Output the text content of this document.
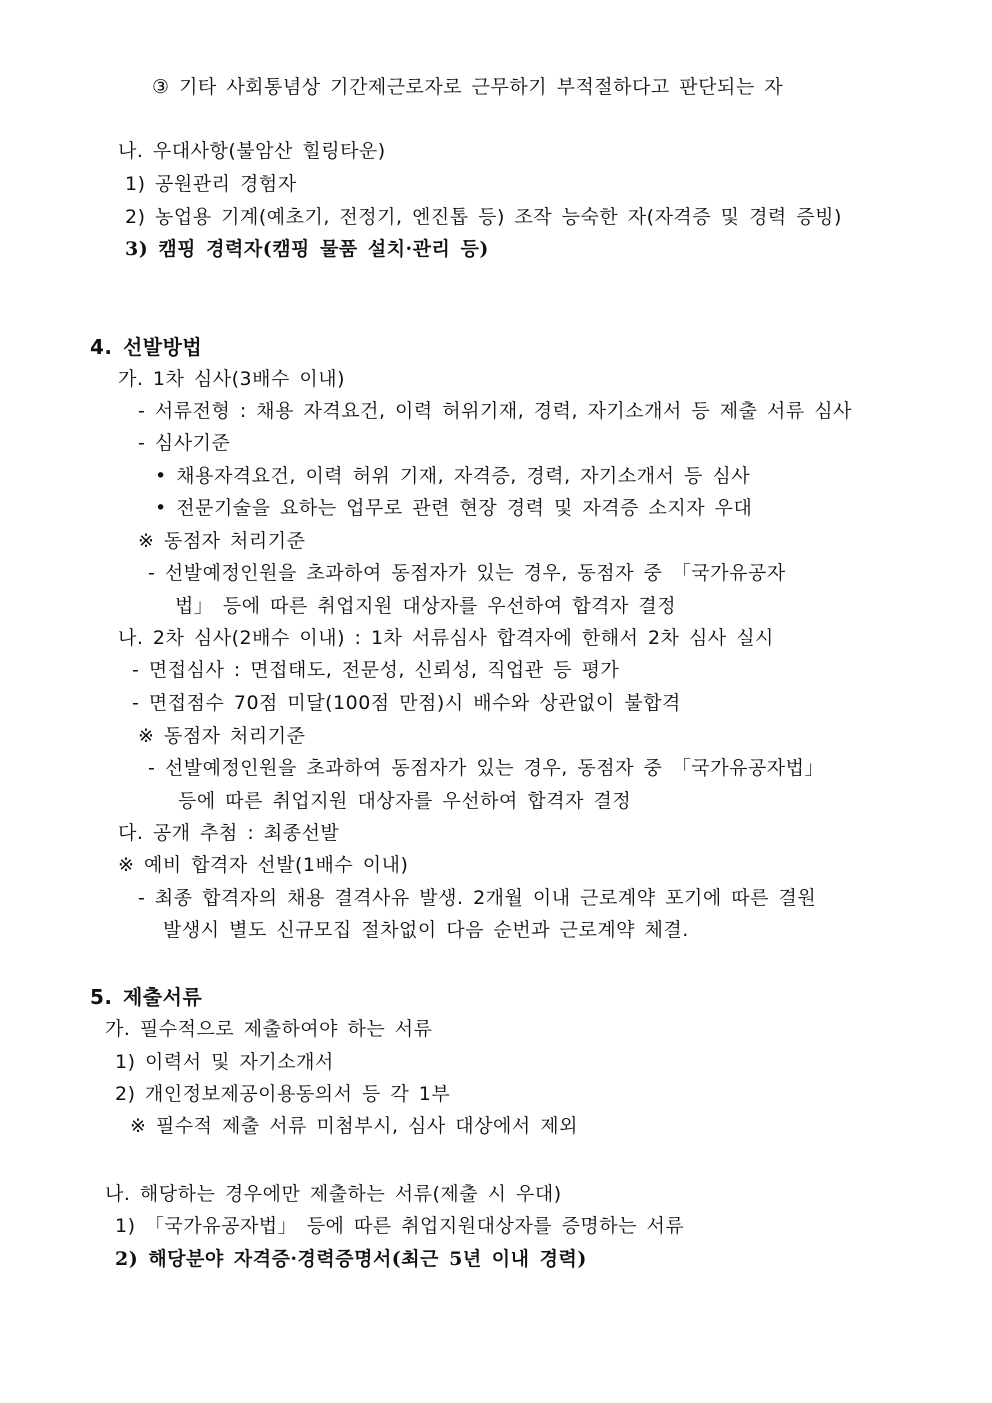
③ 기타 사회통념상 기간제근로자로 근무하기 부적절하다고 판단되는 자
나. 우대사항(불암산 힐링타운)
1) 공원관리 경험자
2) 농업용 기계(예초기, 전정기, 엔진톱 등) 조작 능숙한 자(자격증 및 경력 증빙)
3) 캠핑 경력자(캠핑 물품 설치·관리 등)
4. 선발방법
가. 1차 심사(3배수 이내)
- 서류전형 : 채용 자격요건, 이력 허위기재, 경력, 자기소개서 등 제출 서류 심사
- 심사기준
• 채용자격요건, 이력 허위 기재, 자격증, 경력, 자기소개서 등 심사
• 전문기술을 요하는 업무로 관련 현장 경력 및 자격증 소지자 우대
※ 동점자 처리기준
- 선발예정인원을 초과하여 동점자가 있는 경우, 동점자 중 「국가유공자
법」 등에 따른 취업지원 대상자를 우선하여 합격자 결정
나. 2차 심사(2배수 이내) : 1차 서류심사 합격자에 한해서 2차 심사 실시
- 면접심사 : 면접태도, 전문성, 신뢰성, 직업관 등 평가
- 면접점수 70점 미달(100점 만점)시 배수와 상관없이 불합격
※ 동점자 처리기준
- 선발예정인원을 초과하여 동점자가 있는 경우, 동점자 중 「국가유공자법」
등에 따른 취업지원 대상자를 우선하여 합격자 결정
다. 공개 추첨 : 최종선발
※ 예비 합격자 선발(1배수 이내)
- 최종 합격자의 채용 결격사유 발생. 2개월 이내 근로계약 포기에 따른 결원
발생시 별도 신규모집 절차없이 다음 순번과 근로계약 체결.
5. 제출서류
가. 필수적으로 제출하여야 하는 서류
1) 이력서 및 자기소개서
2) 개인정보제공이용동의서 등 각 1부
※ 필수적 제출 서류 미첨부시, 심사 대상에서 제외
나. 해당하는 경우에만 제출하는 서류(제출 시 우대)
1) 「국가유공자법」 등에 따른 취업지원대상자를 증명하는 서류
2) 해당분야 자격증·경력증명서(최근 5년 이내 경력)
